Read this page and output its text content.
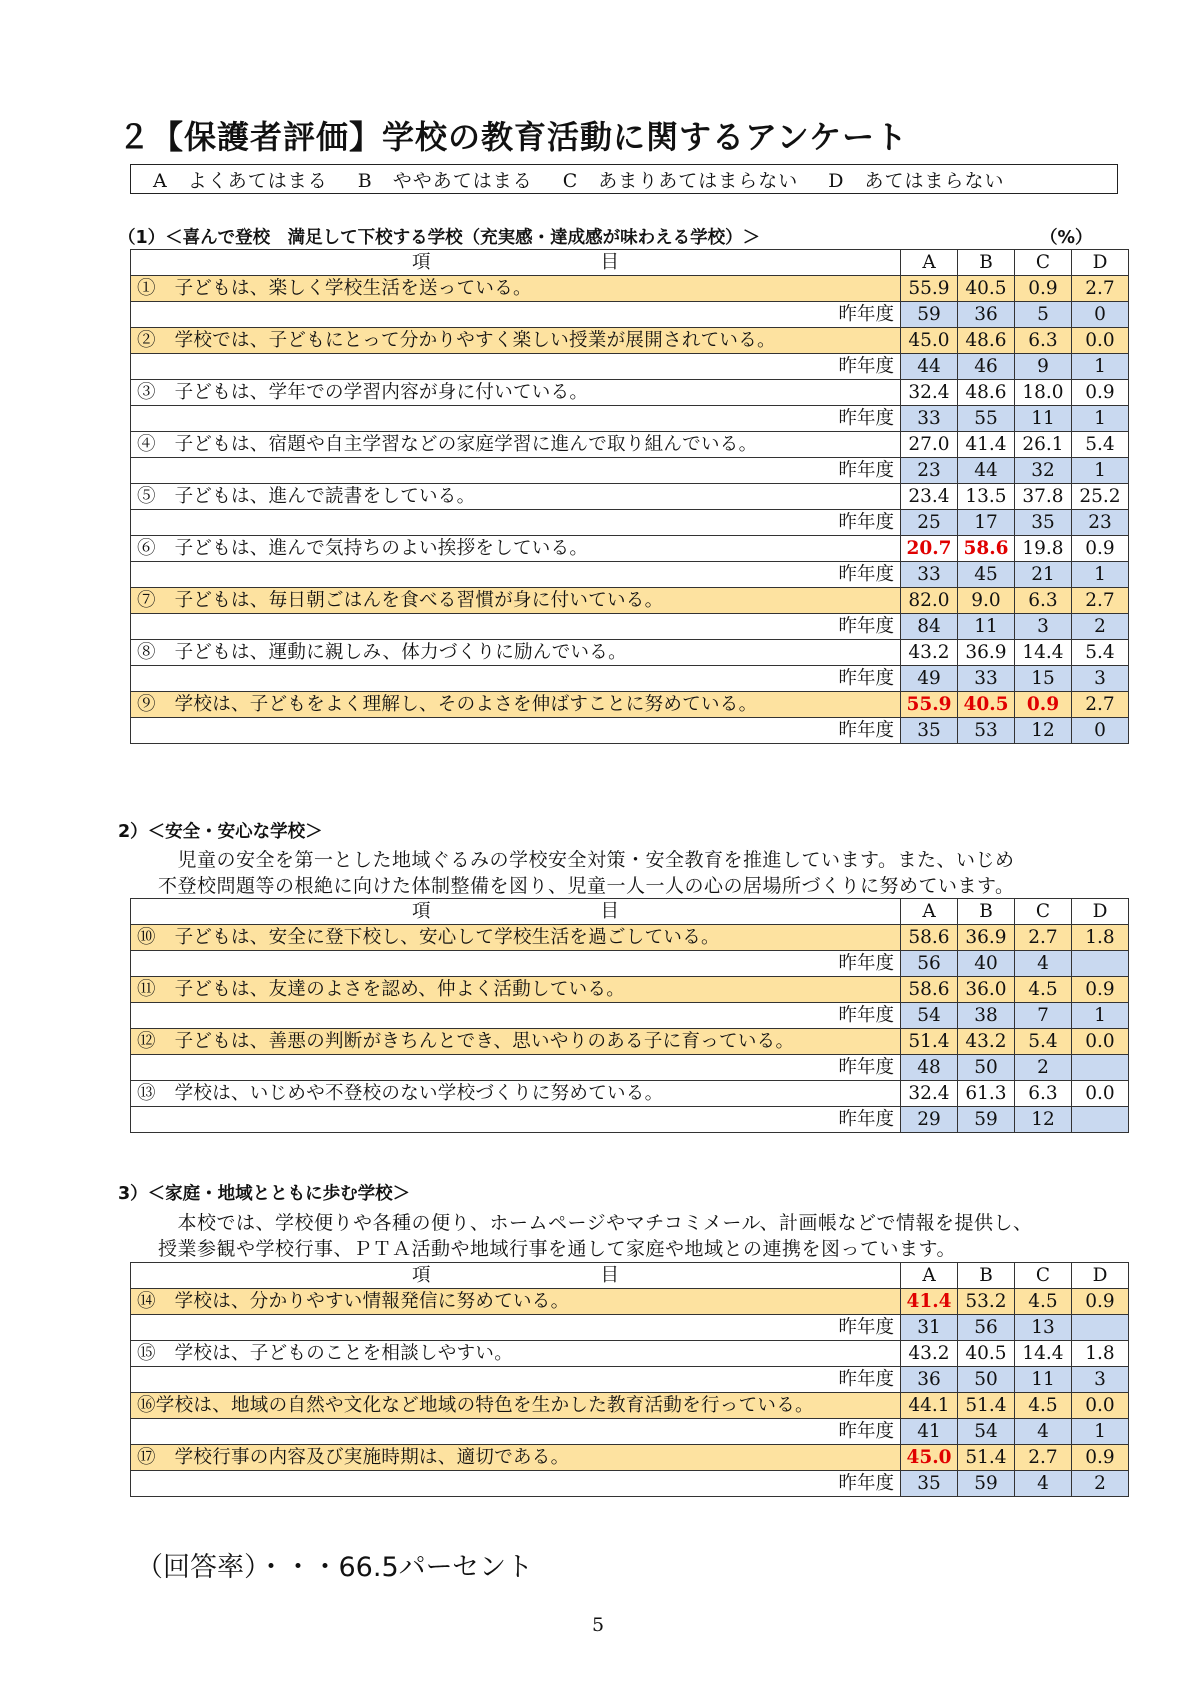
２【保護者評価】学校の教育活動に関するアンケート
A　よくあてはまる B　ややあてはまる C　あまりあてはまらない D　あてはまらない
（1）＜喜んで登校　満足して下校する学校（充実感・達成感が味わえる学校）＞	（%）
項 目	A	B	C	D
①　子どもは、楽しく学校生活を送っている。	55.9	40.5	0.9	2.7
昨年度	59	36	5	0
②　学校では、子どもにとって分かりやすく楽しい授業が展開されている。	45.0	48.6	6.3	0.0
昨年度	44	46	9	1
③　子どもは、学年での学習内容が身に付いている。	32.4	48.6	18.0	0.9
昨年度	33	55	11	1
④　子どもは、宿題や自主学習などの家庭学習に進んで取り組んでいる。	27.0	41.4	26.1	5.4
昨年度	23	44	32	1
⑤　子どもは、進んで読書をしている。	23.4	13.5	37.8	25.2
昨年度	25	17	35	23
⑥　子どもは、進んで気持ちのよい挨拶をしている。	20.7	58.6	19.8	0.9
昨年度	33	45	21	1
⑦　子どもは、毎日朝ごはんを食べる習慣が身に付いている。	82.0	9.0	6.3	2.7
昨年度	84	11	3	2
⑧　子どもは、運動に親しみ、体力づくりに励んでいる。	43.2	36.9	14.4	5.4
昨年度	49	33	15	3
⑨　学校は、子どもをよく理解し、そのよさを伸ばすことに努めている。	55.9	40.5	0.9	2.7
昨年度	35	53	12	0
2）＜安全・安心な学校＞

　児童の安全を第一とした地域ぐるみの学校安全対策・安全教育を推進しています。また、いじめ

不登校問題等の根絶に向けた体制整備を図り、児童一人一人の心の居場所づくりに努めています。

項 目	A	B	C	D
⑩　子どもは、安全に登下校し、安心して学校生活を過ごしている。	58.6	36.9	2.7	1.8
昨年度	56	40	4	
⑪　子どもは、友達のよさを認め、仲よく活動している。	58.6	36.0	4.5	0.9
昨年度	54	38	7	1
⑫　子どもは、善悪の判断がきちんとでき、思いやりのある子に育っている。	51.4	43.2	5.4	0.0
昨年度	48	50	2	
⑬　学校は、いじめや不登校のない学校づくりに努めている。	32.4	61.3	6.3	0.0
昨年度	29	59	12	
3）＜家庭・地域とともに歩む学校＞

　本校では、学校便りや各種の便り、ホームページやマチコミメール、計画帳などで情報を提供し、

授業参観や学校行事、ＰＴＡ活動や地域行事を通して家庭や地域との連携を図っています。

項 目	A	B	C	D
⑭　学校は、分かりやすい情報発信に努めている。	41.4	53.2	4.5	0.9
昨年度	31	56	13	
⑮　学校は、子どものことを相談しやすい。	43.2	40.5	14.4	1.8
昨年度	36	50	11	3
⑯学校は、地域の自然や文化など地域の特色を生かした教育活動を行っている。	44.1	51.4	4.5	0.0
昨年度	41	54	4	1
⑰　学校行事の内容及び実施時期は、適切である。	45.0	51.4	2.7	0.9
昨年度	35	59	4	2

（回答率）・・・66.5パーセント

5
